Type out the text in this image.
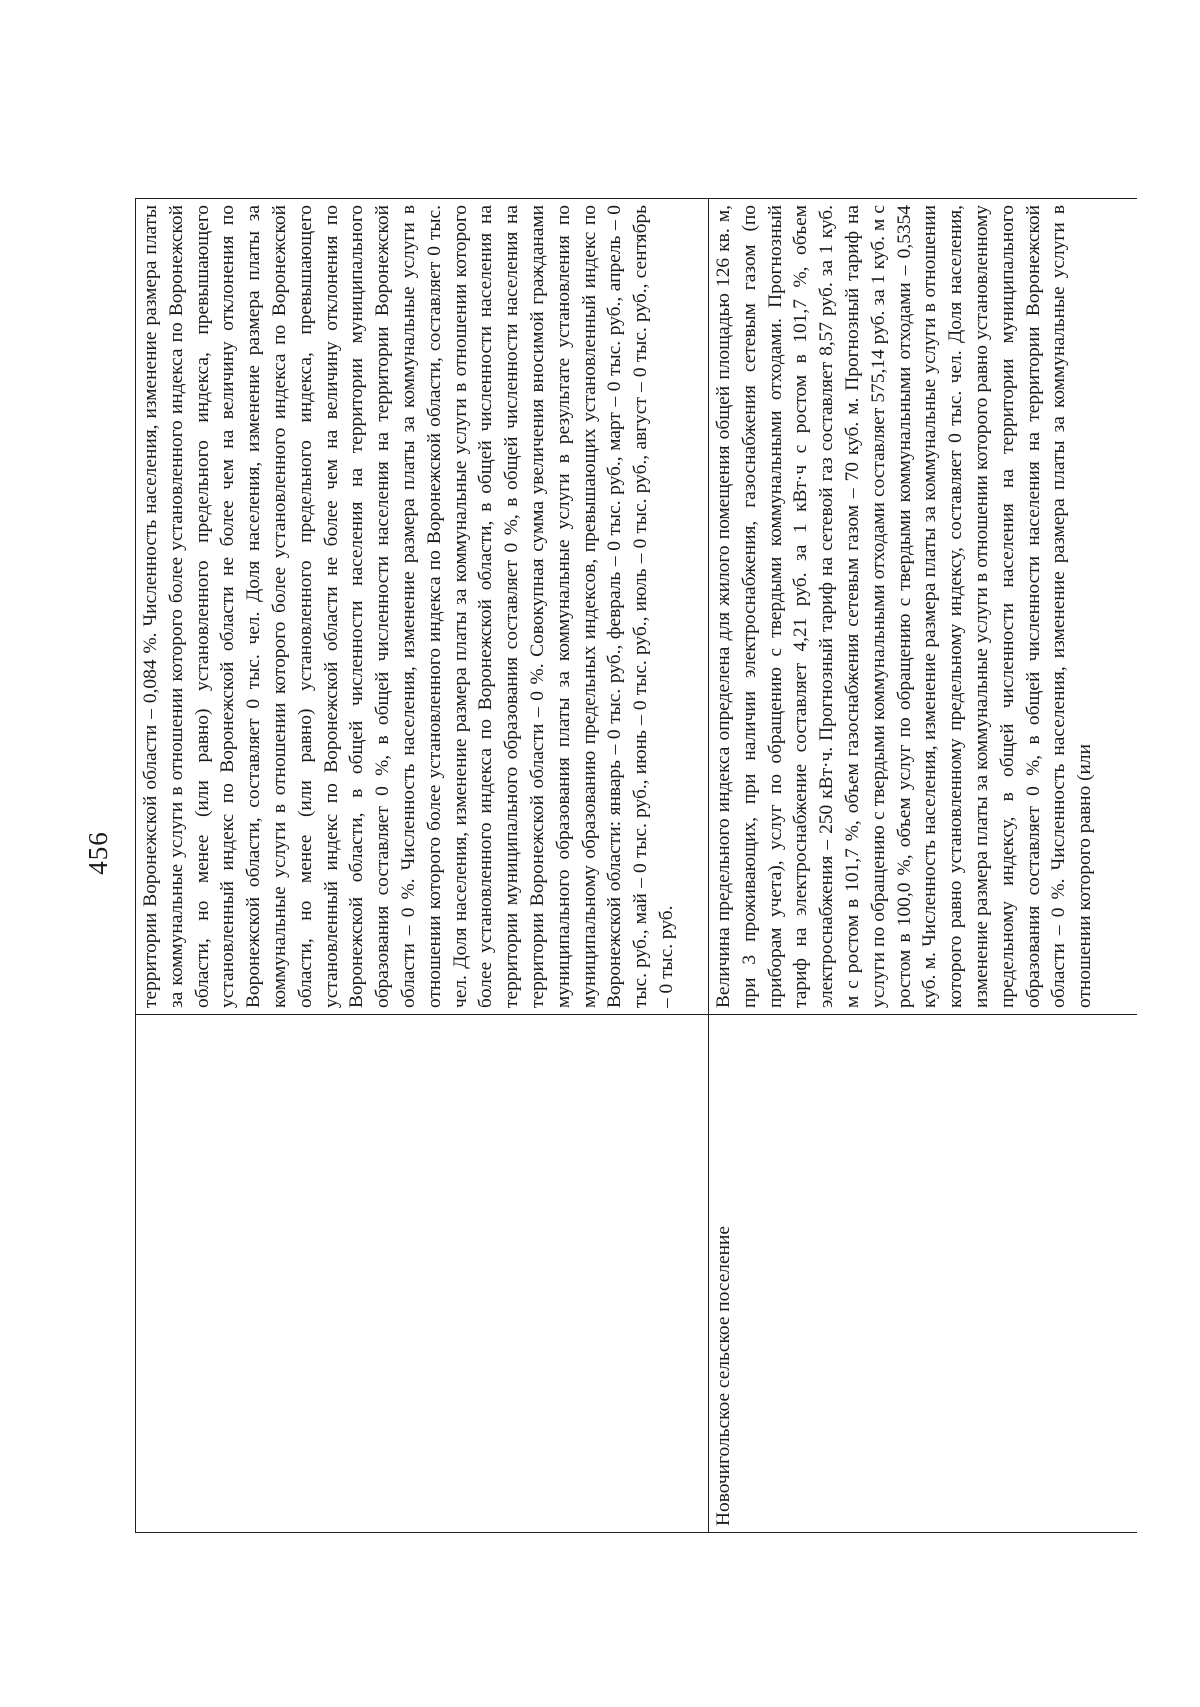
456

	территории Воронежской области – 0,084 %. Численность населения, изменение размера платы за коммунальные услуги в отношении которого более установленного индекса по Воронежской области, но менее (или равно) установленного предельного индекса, превышающего установленный индекс по Воронежской области не более чем на величину отклонения по Воронежской области, составляет 0 тыс. чел. Доля населения, изменение размера платы за коммунальные услуги в отношении которого более установленного индекса по Воронежской области, но менее (или равно) установленного предельного индекса, превышающего установленный индекс по Воронежской области не более чем на величину отклонения по Воронежской области, в общей численности населения на территории муниципального образования составляет 0 %, в общей численности населения на территории Воронежской области – 0 %. Численность населения, изменение размера платы за коммунальные услуги в отношении которого более установленного индекса по Воронежской области, составляет 0 тыс. чел. Доля населения, изменение размера платы за коммунальные услуги в отношении которого более установленного индекса по Воронежской области, в общей численности населения на территории муниципального образования составляет 0 %, в общей численности населения на территории Воронежской области – 0 %. Совокупная сумма увеличения вносимой гражданами муниципального образования платы за коммунальные услуги в результате установления по муниципальному образованию предельных индексов, превышающих установленный индекс по Воронежской области: январь – 0 тыс. руб., февраль – 0 тыс. руб., март – 0 тыс. руб., апрель – 0 тыс. руб., май – 0 тыс. руб., июнь – 0 тыс. руб., июль – 0 тыс. руб., август – 0 тыс. руб., сентябрь – 0 тыс. руб.

Новочигольское сельское поселение	Величина предельного индекса определена для жилого помещения общей площадью 126 кв. м, при 3 проживающих, при наличии электроснабжения, газоснабжения сетевым газом (по приборам учета), услуг по обращению с твердыми коммунальными отходами. Прогнозный тариф на электроснабжение составляет 4,21 руб. за 1 кВт·ч с ростом в 101,7 %, объем электроснабжения – 250 кВт·ч. Прогнозный тариф на сетевой газ составляет 8,57 руб. за 1 куб. м с ростом в 101,7 %, объем газоснабжения сетевым газом – 70 куб. м. Прогнозный тариф на услуги по обращению с твердыми коммунальными отходами составляет 575,14 руб. за 1 куб. м с ростом в 100,0 %, объем услуг по обращению с твердыми коммунальными отходами – 0,5354 куб. м. Численность населения, изменение размера платы за коммунальные услуги в отношении которого равно установленному предельному индексу, составляет 0 тыс. чел. Доля населения, изменение размера платы за коммунальные услуги в отношении которого равно установленному предельному индексу, в общей численности населения на территории муниципального образования составляет 0 %, в общей численности населения на территории Воронежской области – 0 %. Численность населения, изменение размера платы за коммунальные услуги в отношении которого равно (или
